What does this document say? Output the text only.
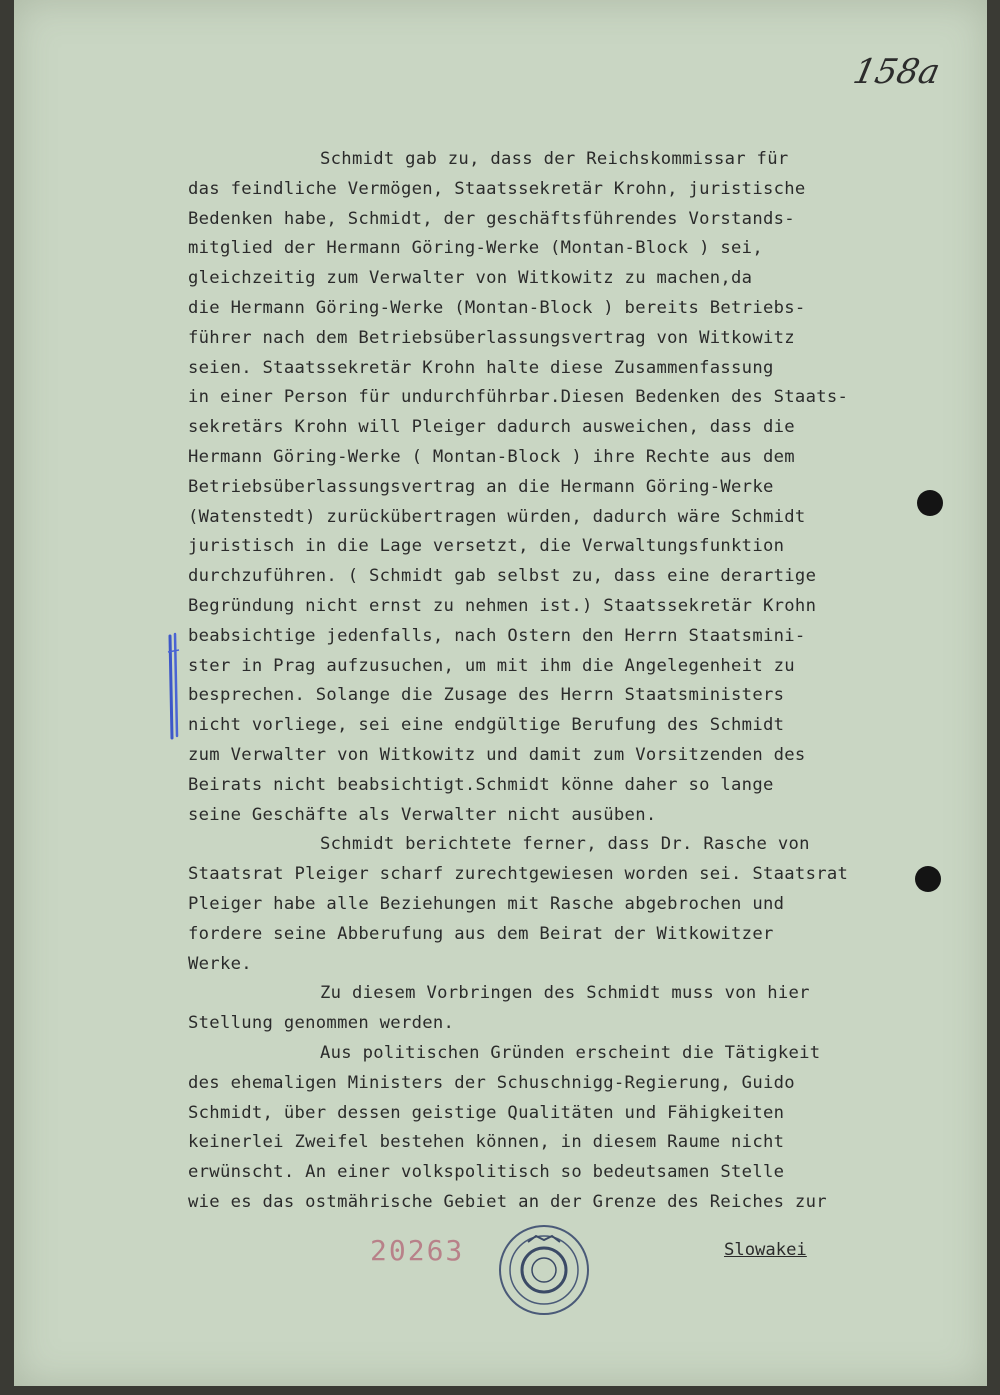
158a
Schmidt gab zu, dass der Reichskommissar für
das feindliche Vermögen, Staatssekretär Krohn, juristische
Bedenken habe, Schmidt, der geschäftsführendes Vorstands-
mitglied der Hermann Göring-Werke (Montan-Block ) sei,
gleichzeitig zum Verwalter von Witkowitz zu machen,da
die Hermann Göring-Werke (Montan-Block ) bereits Betriebs-
führer nach dem Betriebsüberlassungsvertrag von Witkowitz
seien. Staatssekretär Krohn halte diese Zusammenfassung
in einer Person für undurchführbar.Diesen Bedenken des Staats-
sekretärs Krohn will Pleiger dadurch ausweichen, dass die
Hermann Göring-Werke ( Montan-Block ) ihre Rechte aus dem
Betriebsüberlassungsvertrag an die Hermann Göring-Werke
(Watenstedt) zurückübertragen würden, dadurch wäre Schmidt
juristisch in die Lage versetzt, die Verwaltungsfunktion
durchzuführen. ( Schmidt gab selbst zu, dass eine derartige
Begründung nicht ernst zu nehmen ist.) Staatssekretär Krohn
beabsichtige jedenfalls, nach Ostern den Herrn Staatsmini-
ster in Prag aufzusuchen, um mit ihm die Angelegenheit zu
besprechen. Solange die Zusage des Herrn Staatsministers
nicht vorliege, sei eine endgültige Berufung des Schmidt
zum Verwalter von Witkowitz und damit zum Vorsitzenden des
Beirats nicht beabsichtigt.Schmidt könne daher so lange
seine Geschäfte als Verwalter nicht ausüben.
Schmidt berichtete ferner, dass Dr. Rasche von
Staatsrat Pleiger scharf zurechtgewiesen worden sei. Staatsrat
Pleiger habe alle Beziehungen mit Rasche abgebrochen und
fordere seine Abberufung aus dem Beirat der Witkowitzer
Werke.
Zu diesem Vorbringen des Schmidt muss von hier
Stellung genommen werden.
Aus politischen Gründen erscheint die Tätigkeit
des ehemaligen Ministers der Schuschnigg-Regierung, Guido
Schmidt, über dessen geistige Qualitäten und Fähigkeiten
keinerlei Zweifel bestehen können, in diesem Raume nicht
erwünscht. An einer volkspolitisch so bedeutsamen Stelle
wie es das ostmährische Gebiet an der Grenze des Reiches zur
20263	Slowakei
